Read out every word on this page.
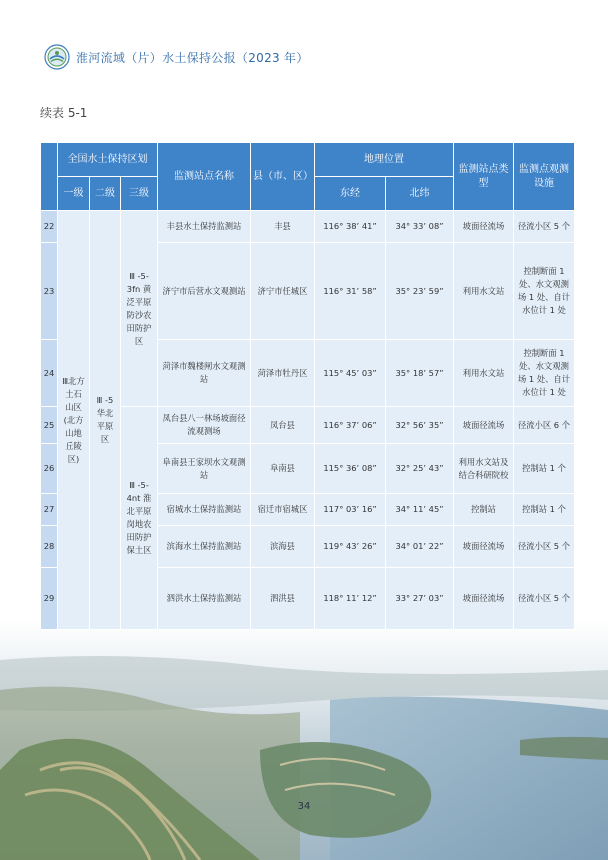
淮河流域（片）水土保持公报（2023 年）
续表 5-1
	全国水土保持区划			监测站点名称	县（市、区）	地理位置		监测站点类型	监测点观测设施
	一级	二级	三级			东经	北纬		
22	Ⅲ北方土石山区(北方山地丘陵区)	Ⅲ -5 华北平原区	Ⅲ -5-3fn 黄泛平原防沙农田防护区	丰县水土保持监测站	丰县	116° 38’ 41”	34° 33’ 08”	坡面径流场	径流小区 5 个
23				济宁市后营水文观测站	济宁市任城区	116° 31’ 58”	35° 23’ 59”	利用水文站	控制断面 1 处、水文观测场 1 处、自计水位计 1 处
24				菏泽市魏楼闸水文观测站	菏泽市牡丹区	115° 45’ 03”	35° 18’ 57”	利用水文站	控制断面 1 处、水文观测场 1 处、自计水位计 1 处
25			Ⅲ -5-4nt 淮北平原岗地农田防护保土区	凤台县八一林场坡面径流观测场	凤台县	116° 37’ 06”	32° 56’ 35”	坡面径流场	径流小区 6 个
26				阜南县王家坝水文观测站	阜南县	115° 36’ 08”	32° 25’ 43”	利用水文站及结合科研院校	控制站 1 个
27				宿城水土保持监测站	宿迁市宿城区	117° 03’ 16”	34° 11’ 45”	控制站	控制站 1 个
28				滨海水土保持监测站	滨海县	119° 43’ 26”	34° 01’ 22”	坡面径流场	径流小区 5 个
29				泗洪水土保持监测站	泗洪县	118° 11’ 12”	33° 27’ 03”	坡面径流场	径流小区 5 个
34
